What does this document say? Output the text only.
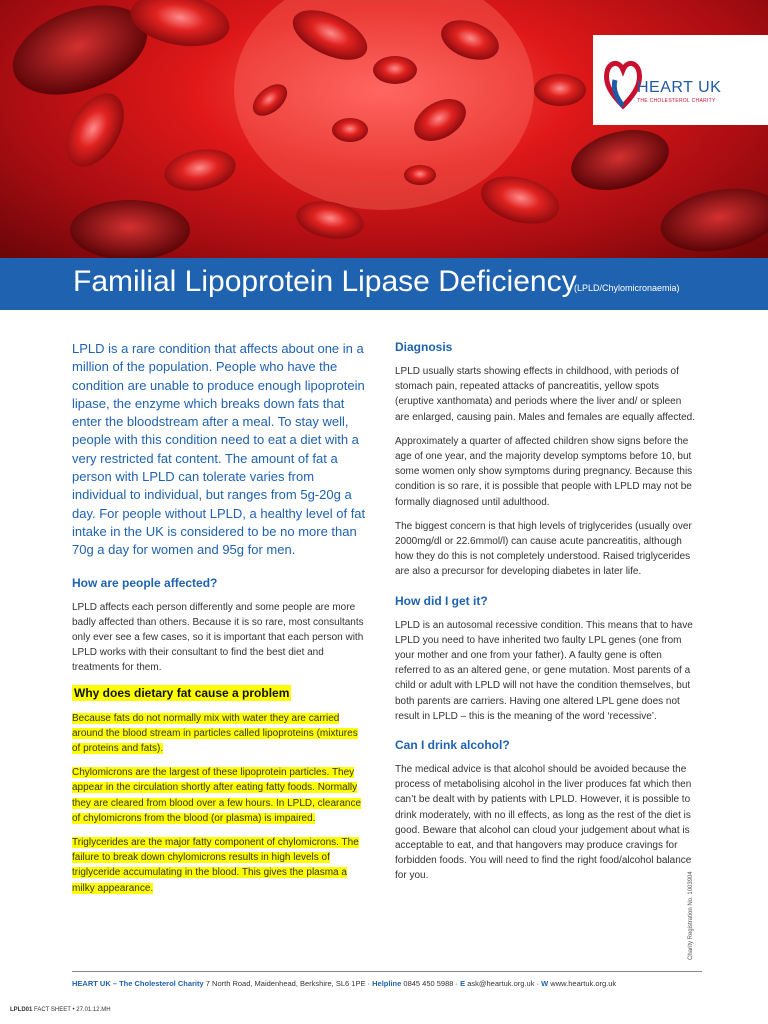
HEART UK
THE CHOLESTEROL CHARITY
Familial Lipoprotein Lipase Deficiency
(LPLD/Chylomicronaemia)

LPLD is a rare condition that affects about one in a million of the population. People who have the condition are unable to produce enough lipoprotein lipase, the enzyme which breaks down fats that enter the bloodstream after a meal. To stay well, people with this condition need to eat a diet with a very restricted fat content. The amount of fat a person with LPLD can tolerate varies from individual to individual, but ranges from 5g-20g a day. For people without LPLD, a healthy level of fat intake in the UK is considered to be no more than 70g a day for women and 95g for men.

How are people affected?

LPLD affects each person differently and some people are more badly affected than others. Because it is so rare, most consultants only ever see a few cases, so it is important that each person with LPLD works with their consultant to find the best diet and treatments for them.

Why does dietary fat cause a problem

Because fats do not normally mix with water they are carried around the blood stream in particles called lipoproteins (mixtures of proteins and fats).

Chylomicrons are the largest of these lipoprotein particles. They appear in the circulation shortly after eating fatty foods. Normally they are cleared from blood over a few hours. In LPLD, clearance of chylomicrons from the blood (or plasma) is impaired.

Triglycerides are the major fatty component of chylomicrons. The failure to break down chylomicrons results in high levels of triglyceride accumulating in the blood. This gives the plasma a milky appearance.

Diagnosis

LPLD usually starts showing effects in childhood, with periods of stomach pain, repeated attacks of pancreatitis, yellow spots (eruptive xanthomata) and periods where the liver and/ or spleen are enlarged, causing pain. Males and females are equally affected.

Approximately a quarter of affected children show signs before the age of one year, and the majority develop symptoms before 10, but some women only show symptoms during pregnancy. Because this condition is so rare, it is possible that people with LPLD may not be formally diagnosed until adulthood.

The biggest concern is that high levels of triglycerides (usually over 2000mg/dl or 22.6mmol/l) can cause acute pancreatitis, although how they do this is not completely understood. Raised triglycerides are also a precursor for developing diabetes in later life.

How did I get it?

LPLD is an autosomal recessive condition. This means that to have LPLD you need to have inherited two faulty LPL genes (one from your mother and one from your father). A faulty gene is often referred to as an altered gene, or gene mutation. Most parents of a child or adult with LPLD will not have the condition themselves, but both parents are carriers. Having one altered LPL gene does not result in LPLD – this is the meaning of the word ‘recessive’.

Can I drink alcohol?

The medical advice is that alcohol should be avoided because the process of metabolising alcohol in the liver produces fat which then can’t be dealt with by patients with LPLD. However, it is possible to drink moderately, with no ill effects, as long as the rest of the diet is good. Beware that alcohol can cloud your judgement about what is acceptable to eat, and that hangovers may produce cravings for forbidden foods. You will need to find the right food/alcohol balance for you.

HEART UK – The Cholesterol Charity 7 North Road, Maidenhead, Berkshire, SL6 1PE · Helpline 0845 450 5988 · E ask@heartuk.org.uk · W www.heartuk.org.uk
Charity Registration No. 1003904
LPLD01 FACT SHEET • 27.01.12.MH
